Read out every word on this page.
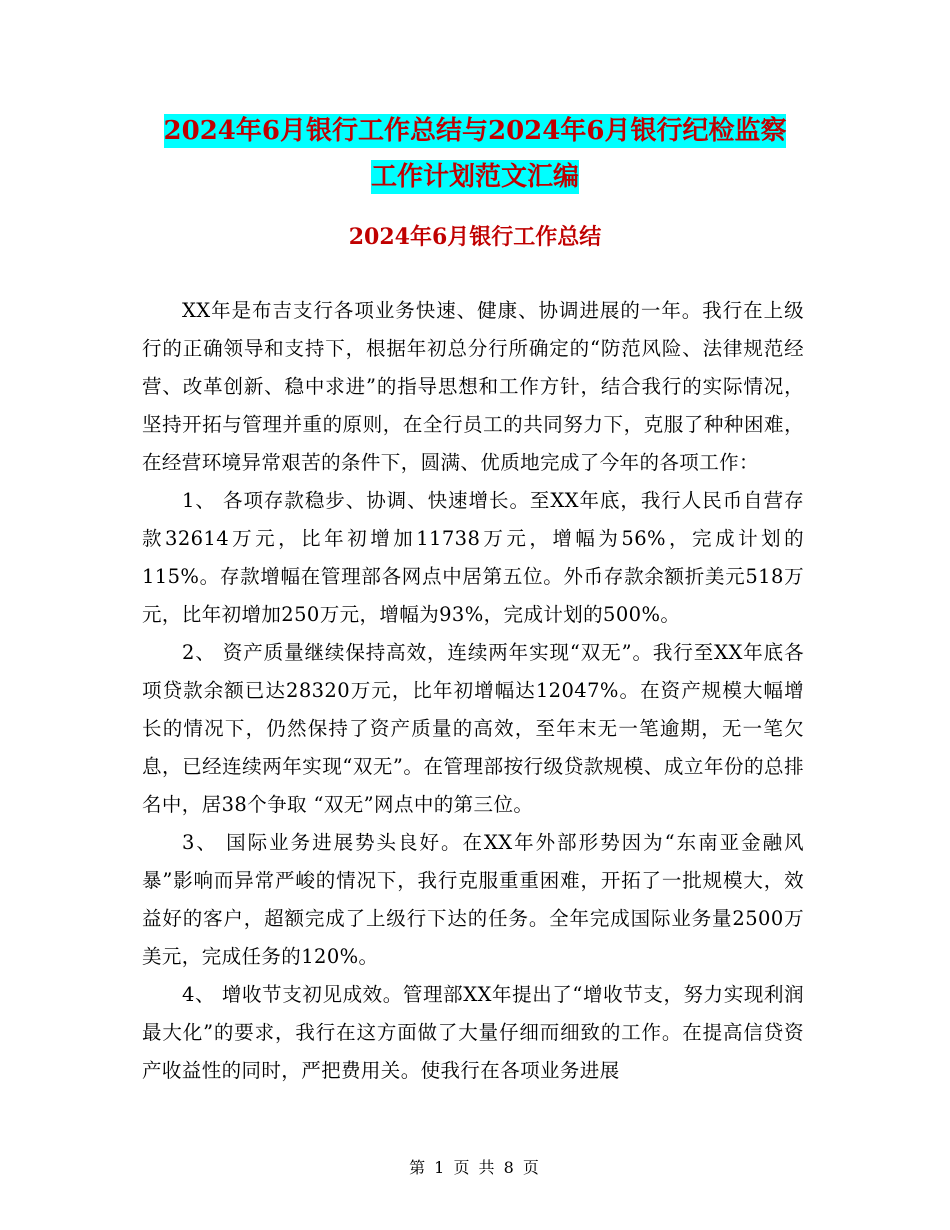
2024年6月银行工作总结与2024年6月银行纪检监察
工作计划范文汇编
2024年6月银行工作总结

XX年是布吉支行各项业务快速、健康、协调进展的一年。我行在上级行的正确领导和支持下，根据年初总分行所确定的“防范风险、法律规范经营、改革创新、稳中求进”的指导思想和工作方针，结合我行的实际情况，坚持开拓与管理并重的原则，在全行员工的共同努力下，克服了种种困难，在经营环境异常艰苦的条件下，圆满、优质地完成了今年的各项工作：

1、 各项存款稳步、协调、快速增长。至XX年底，我行人民币自营存款32614万元，比年初增加11738万元，增幅为56%，完成计划的115%。存款增幅在管理部各网点中居第五位。外币存款余额折美元518万元，比年初增加250万元，增幅为93%，完成计划的500%。

2、 资产质量继续保持高效，连续两年实现“双无”。我行至XX年底各项贷款余额已达28320万元，比年初增幅达12047%。在资产规模大幅增长的情况下，仍然保持了资产质量的高效，至年末无一笔逾期，无一笔欠息，已经连续两年实现“双无”。在管理部按行级贷款规模、成立年份的总排名中，居38个争取 “双无”网点中的第三位。

3、 国际业务进展势头良好。在XX年外部形势因为“东南亚金融风暴”影响而异常严峻的情况下，我行克服重重困难，开拓了一批规模大，效益好的客户，超额完成了上级行下达的任务。全年完成国际业务量2500万美元，完成任务的120%。

4、 增收节支初见成效。管理部XX年提出了“增收节支，努力实现利润最大化”的要求，我行在这方面做了大量仔细而细致的工作。在提高信贷资产收益性的同时，严把费用关。使我行在各项业务进展

第 1 页 共 8 页
